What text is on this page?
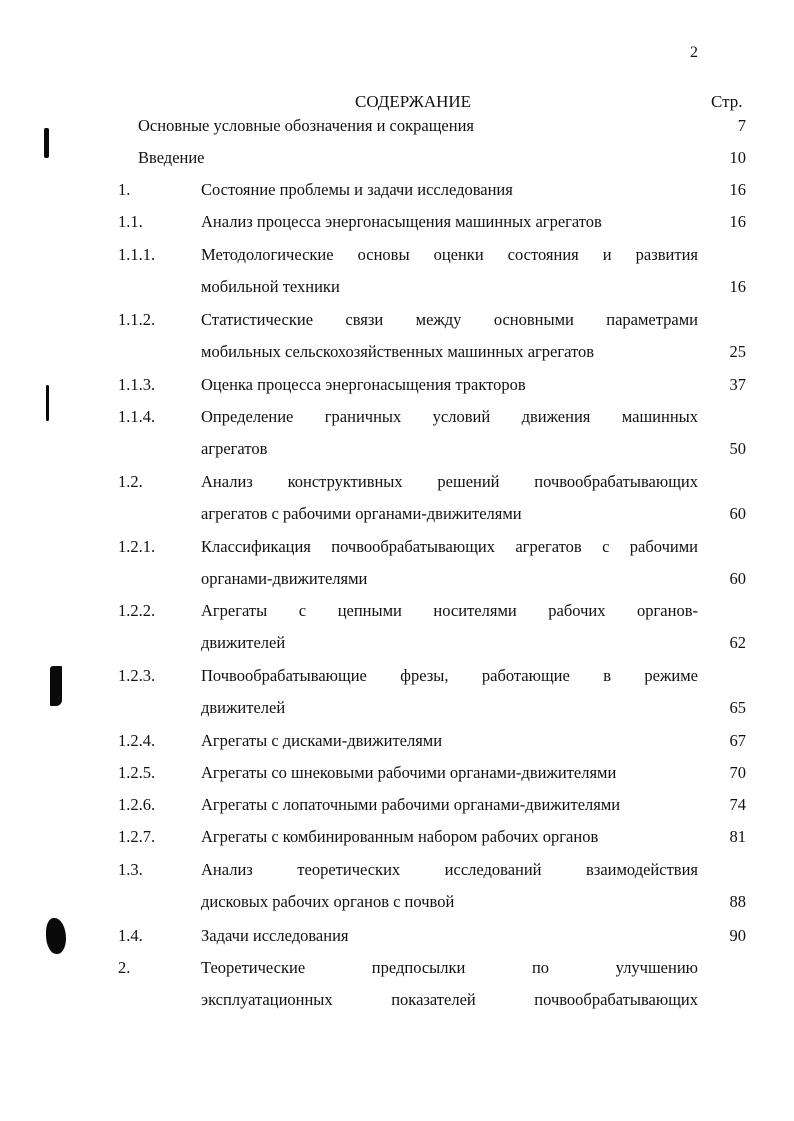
2
СОДЕРЖАНИЕ	Стр.
Основные условные обозначения и сокращения	7
Введение	10
1.	Состояние проблемы и задачи исследования	16
1.1.	Анализ процесса энергонасыщения машинных агрегатов	16
1.1.1.	Методологические основы оценки состояния и развития
мобильной техники	16
1.1.2.	Статистические связи между основными параметрами
мобильных сельскохозяйственных машинных агрегатов	25
1.1.3.	Оценка процесса энергонасыщения тракторов	37
1.1.4.	Определение граничных условий движения машинных
агрегатов	50
1.2.	Анализ конструктивных решений почвообрабатывающих
агрегатов с рабочими органами-движителями	60
1.2.1.	Классификация почвообрабатывающих агрегатов с рабочими
органами-движителями	60
1.2.2.	Агрегаты с цепными носителями рабочих органов-
движителей	62
1.2.3.	Почвообрабатывающие фрезы, работающие в режиме
движителей	65
1.2.4.	Агрегаты с дисками-движителями	67
1.2.5.	Агрегаты со шнековыми рабочими органами-движителями	70
1.2.6.	Агрегаты с лопаточными рабочими органами-движителями	74
1.2.7.	Агрегаты с комбинированным набором рабочих органов	81
1.3.	Анализ теоретических исследований взаимодействия
дисковых рабочих органов с почвой	88
1.4.	Задачи исследования	90
2.	Теоретические предпосылки по улучшению
эксплуатационных показателей почвообрабатывающих
